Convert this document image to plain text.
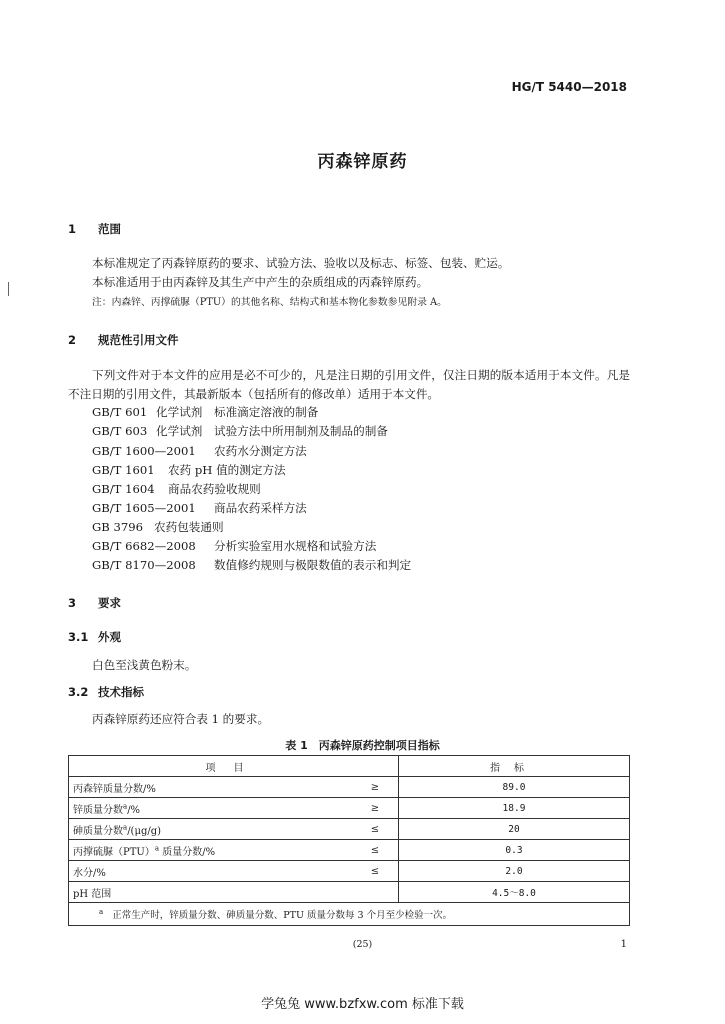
HG/T 5440—2018
丙森锌原药
1 范围
本标准规定了丙森锌原药的要求、试验方法、验收以及标志、标签、包装、贮运。
本标准适用于由丙森锌及其生产中产生的杂质组成的丙森锌原药。
注：内森锌、丙撑硫脲（PTU）的其他名称、结构式和基本物化参数参见附录 A。
2 规范性引用文件
下列文件对于本文件的应用是必不可少的，凡是注日期的引用文件，仅注日期的版本适用于本文件。凡是不注日期的引用文件，其最新版本（包括所有的修改单）适用于本文件。
GB/T 601 化学试剂　标准滴定溶液的制备
GB/T 603 化学试剂　试验方法中所用制剂及制品的制备
GB/T 1600—2001 农药水分测定方法
GB/T 1601 农药 pH 值的测定方法
GB/T 1604 商品农药验收规则
GB/T 1605—2001 商品农药采样方法
GB 3796 农药包装通则
GB/T 6682—2008 分析实验室用水规格和试验方法
GB/T 8170—2008 数值修约规则与极限数值的表示和判定
3 要求
3.1 外观
白色至浅黄色粉末。
3.2 技术指标
丙森锌原药还应符合表 1 的要求。
表 1　丙森锌原药控制项目指标
项目		指标
丙森锌质量分数/%	≥	89.0
锌质量分数$^a$/%	≥	18.9
砷质量分数$^a$/(μg/g)	≤	20
丙撑硫脲（PTU）$^a$ 质量分数/%	≤	0.3
水分/%	≤	2.0
pH 范围		4.5～8.0
$^a$ 正常生产时，锌质量分数、砷质量分数、PTU 质量分数每 3 个月至少检验一次。		
(25)	1
学兔兔 www.bzfxw.com 标准下载
